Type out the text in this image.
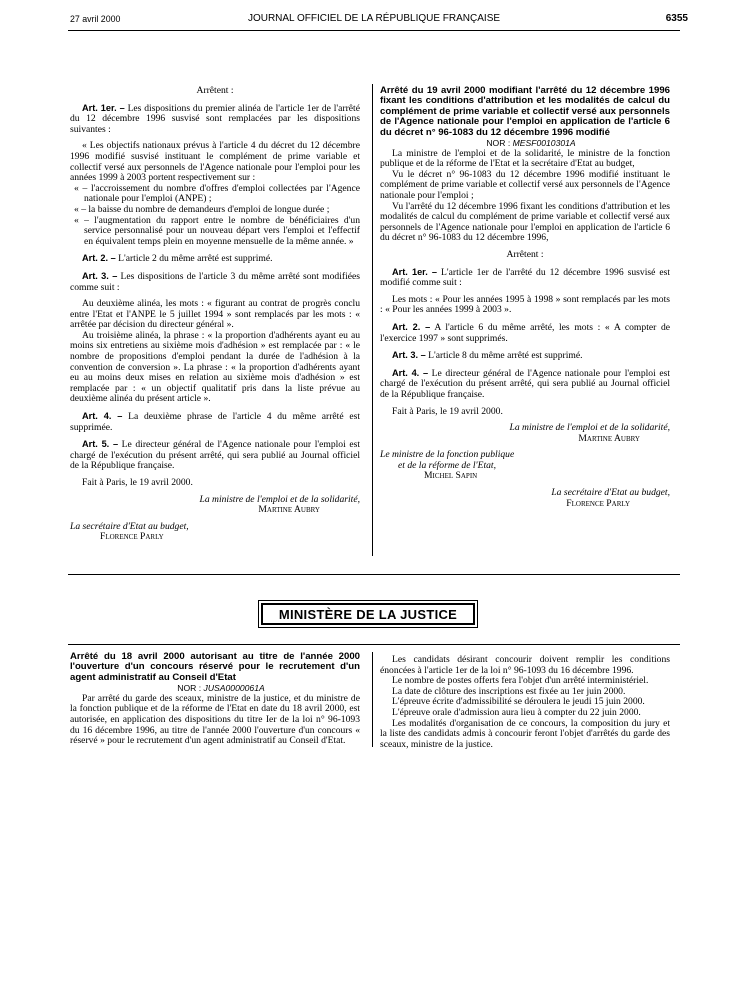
27 avril 2000	JOURNAL OFFICIEL DE LA RÉPUBLIQUE FRANÇAISE	6355

Arrêtent :

Art. 1er. – Les dispositions du premier alinéa de l'article 1er de l'arrêté du 12 décembre 1996 susvisé sont remplacées par les dispositions suivantes :

« Les objectifs nationaux prévus à l'article 4 du décret du 12 décembre 1996 modifié susvisé instituant le complément de prime variable et collectif versé aux personnels de l'Agence nationale pour l'emploi pour les années 1999 à 2003 portent respectivement sur :

« – l'accroissement du nombre d'offres d'emploi collectées par l'Agence nationale pour l'emploi (ANPE) ;

« – la baisse du nombre de demandeurs d'emploi de longue durée ;

« – l'augmentation du rapport entre le nombre de bénéficiaires d'un service personnalisé pour un nouveau départ vers l'emploi et l'effectif en équivalent temps plein en moyenne mensuelle de la même année. »

Art. 2. – L'article 2 du même arrêté est supprimé.

Art. 3. – Les dispositions de l'article 3 du même arrêté sont modifiées comme suit :

Au deuxième alinéa, les mots : « figurant au contrat de progrès conclu entre l'Etat et l'ANPE le 5 juillet 1994 » sont remplacés par les mots : « arrêtée par décision du directeur général ».

Au troisième alinéa, la phrase : « la proportion d'adhérents ayant eu au moins six entretiens au sixième mois d'adhésion » est remplacée par : « le nombre de propositions d'emploi pendant la durée de l'adhésion à la convention de conversion ». La phrase : « la proportion d'adhérents ayant eu au moins deux mises en relation au sixième mois d'adhésion » est remplacée par : « un objectif qualitatif pris dans la liste prévue au deuxième alinéa du présent article ».

Art. 4. – La deuxième phrase de l'article 4 du même arrêté est supprimée.

Art. 5. – Le directeur général de l'Agence nationale pour l'emploi est chargé de l'exécution du présent arrêté, qui sera publié au Journal officiel de la République française.

Fait à Paris, le 19 avril 2000.

La ministre de l'emploi et de la solidarité,

Martine Aubry

La secrétaire d'Etat au budget,

Florence Parly

Arrêté du 19 avril 2000 modifiant l'arrêté du 12 décembre 1996 fixant les conditions d'attribution et les modalités de calcul du complément de prime variable et collectif versé aux personnels de l'Agence nationale pour l'emploi en application de l'article 6 du décret n° 96-1083 du 12 décembre 1996 modifié

NOR : MESF0010301A

La ministre de l'emploi et de la solidarité, le ministre de la fonction publique et de la réforme de l'Etat et la secrétaire d'Etat au budget,

Vu le décret n° 96-1083 du 12 décembre 1996 modifié instituant le complément de prime variable et collectif versé aux personnels de l'Agence nationale pour l'emploi ;

Vu l'arrêté du 12 décembre 1996 fixant les conditions d'attribution et les modalités de calcul du complément de prime variable et collectif versé aux personnels de l'Agence nationale pour l'emploi en application de l'article 6 du décret n° 96-1083 du 12 décembre 1996,

Arrêtent :

Art. 1er. – L'article 1er de l'arrêté du 12 décembre 1996 susvisé est modifié comme suit :

Les mots : « Pour les années 1995 à 1998 » sont remplacés par les mots : « Pour les années 1999 à 2003 ».

Art. 2. – A l'article 6 du même arrêté, les mots : « A compter de l'exercice 1997 » sont supprimés.

Art. 3. – L'article 8 du même arrêté est supprimé.

Art. 4. – Le directeur général de l'Agence nationale pour l'emploi est chargé de l'exécution du présent arrêté, qui sera publié au Journal officiel de la République française.

Fait à Paris, le 19 avril 2000.

La ministre de l'emploi et de la solidarité,

Martine Aubry

Le ministre de la fonction publique

et de la réforme de l'Etat,

Michel Sapin

La secrétaire d'Etat au budget,

Florence Parly

MINISTÈRE DE LA JUSTICE

Arrêté du 18 avril 2000 autorisant au titre de l'année 2000 l'ouverture d'un concours réservé pour le recrutement d'un agent administratif au Conseil d'Etat

NOR : JUSA0000061A

Par arrêté du garde des sceaux, ministre de la justice, et du ministre de la fonction publique et de la réforme de l'Etat en date du 18 avril 2000, est autorisée, en application des dispositions du titre Ier de la loi n° 96-1093 du 16 décembre 1996, au titre de l'année 2000 l'ouverture d'un concours « réservé » pour le recrutement d'un agent administratif au Conseil d'Etat.

Les candidats désirant concourir doivent remplir les conditions énoncées à l'article 1er de la loi n° 96-1093 du 16 décembre 1996.

Le nombre de postes offerts fera l'objet d'un arrêté interministériel.

La date de clôture des inscriptions est fixée au 1er juin 2000.

L'épreuve écrite d'admissibilité se déroulera le jeudi 15 juin 2000.

L'épreuve orale d'admission aura lieu à compter du 22 juin 2000.

Les modalités d'organisation de ce concours, la composition du jury et la liste des candidats admis à concourir feront l'objet d'arrêtés du garde des sceaux, ministre de la justice.
